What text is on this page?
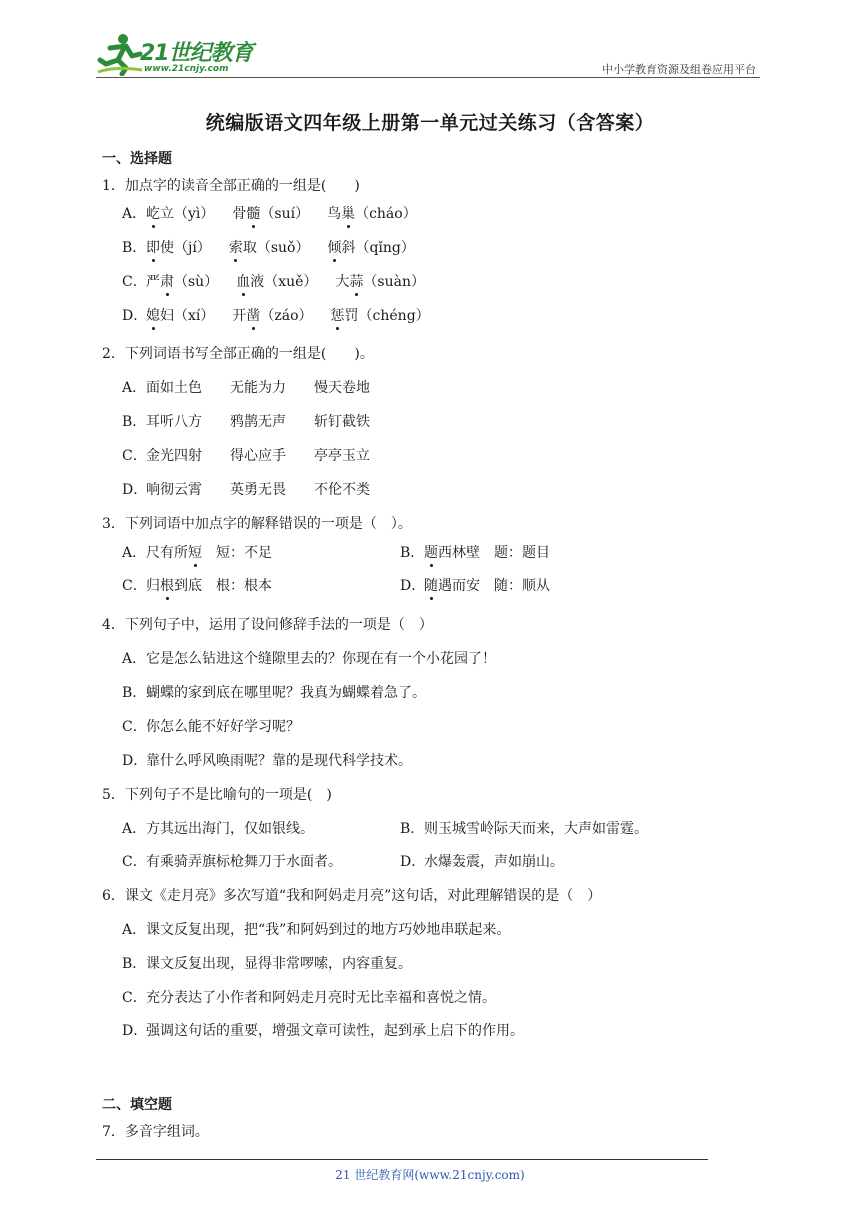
21世纪教育
www.21cnjy.com	中小学教育资源及组卷应用平台
统编版语文四年级上册第一单元过关练习（含答案）
一、选择题
1．加点字的读音全部正确的一组是(　　)
A．屹立（yì） 骨髓（suí） 鸟巢（cháo）
B．即使（jí） 索取（suǒ） 倾斜（qǐng）
C．严肃（sù） 血液（xuě） 大蒜（suàn）
D．媳妇（xí） 开凿（záo） 惩罚（chéng）
2．下列词语书写全部正确的一组是(　　)。
A．面如土色 无能为力 慢天卷地
B．耳听八方 鸦鹊无声 斩钉截铁
C．金光四射 得心应手 亭亭玉立
D．响彻云霄 英勇无畏 不伦不类
3．下列词语中加点字的解释错误的一项是（　）。
A．尺有所短　短：不足	B．题西林壁　题：题目
C．归根到底　根：根本	D．随遇而安　随：顺从
4．下列句子中，运用了设问修辞手法的一项是（　）
A．它是怎么钻进这个缝隙里去的？你现在有一个小花园了！
B．蝴蝶的家到底在哪里呢？我真为蝴蝶着急了。
C．你怎么能不好好学习呢？
D．靠什么呼风唤雨呢？靠的是现代科学技术。
5．下列句子不是比喻句的一项是(　)
A．方其远出海门，仅如银线。	B．则玉城雪岭际天而来，大声如雷霆。
C．有乘骑弄旗标枪舞刀于水面者。	D．水爆轰震，声如崩山。
6．课文《走月亮》多次写道“我和阿妈走月亮”这句话，对此理解错误的是（　）
A．课文反复出现，把“我”和阿妈到过的地方巧妙地串联起来。
B．课文反复出现，显得非常啰嗦，内容重复。
C．充分表达了小作者和阿妈走月亮时无比幸福和喜悦之情。
D．强调这句话的重要，增强文章可读性，起到承上启下的作用。
二、填空题
7．多音字组词。
21 世纪教育网(www.21cnjy.com)
